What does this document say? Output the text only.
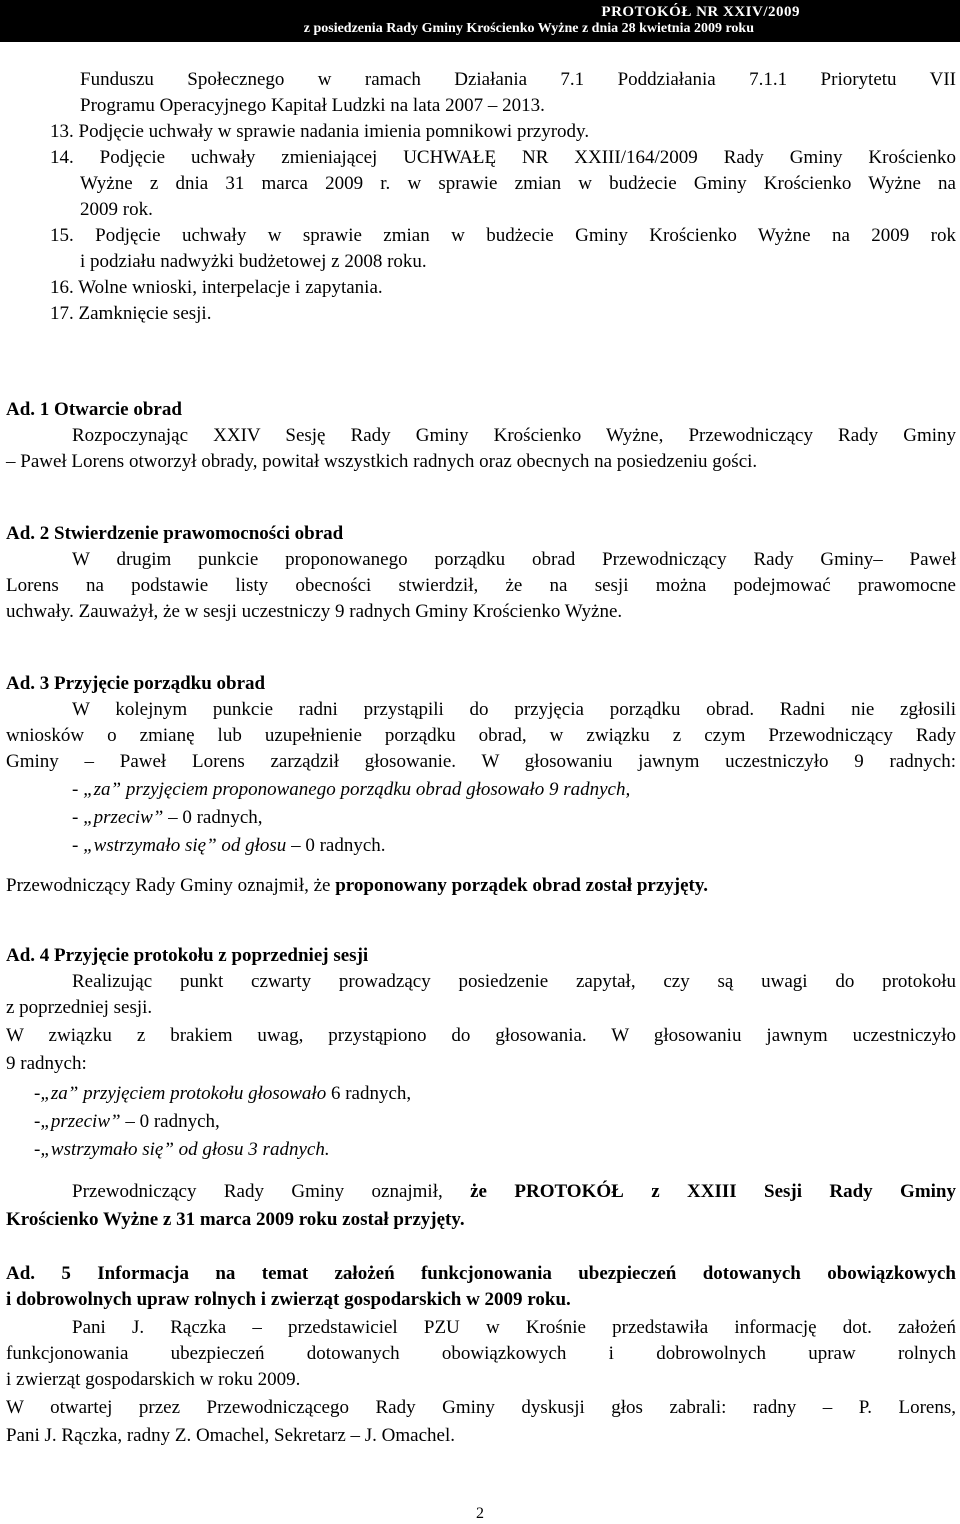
PROTOKÓŁ NR XXIV/2009
z posiedzenia Rady Gminy Krościenko Wyżne z dnia 28 kwietnia 2009 roku
Funduszu Społecznego w ramach Działania 7.1 Poddziałania 7.1.1 Priorytetu VII
Programu Operacyjnego Kapitał Ludzki na lata 2007 – 2013.
13. Podjęcie uchwały w sprawie nadania imienia pomnikowi przyrody.
14. Podjęcie uchwały zmieniającej UCHWAŁĘ NR XXIII/164/2009 Rady Gminy Krościenko
Wyżne z dnia 31 marca 2009 r. w sprawie zmian w budżecie Gminy Krościenko Wyżne na
2009 rok.
15. Podjęcie uchwały w sprawie zmian w budżecie Gminy Krościenko Wyżne na 2009 rok
i podziału nadwyżki budżetowej z 2008 roku.
16. Wolne wnioski, interpelacje i zapytania.
17. Zamknięcie sesji.
Ad. 1 Otwarcie obrad
Rozpoczynając XXIV Sesję Rady Gminy Krościenko Wyżne, Przewodniczący Rady Gminy
– Paweł Lorens otworzył obrady, powitał wszystkich radnych oraz obecnych na posiedzeniu gości.
Ad. 2 Stwierdzenie prawomocności obrad
W drugim punkcie proponowanego porządku obrad Przewodniczący Rady Gminy– Paweł
Lorens na podstawie listy obecności stwierdził, że na sesji można podejmować prawomocne
uchwały. Zauważył, że w sesji uczestniczy 9 radnych Gminy Krościenko Wyżne.
Ad. 3 Przyjęcie porządku obrad
W kolejnym punkcie radni przystąpili do przyjęcia porządku obrad. Radni nie zgłosili
wniosków o zmianę lub uzupełnienie porządku obrad, w związku z czym Przewodniczący Rady
Gminy – Paweł Lorens zarządził głosowanie. W głosowaniu jawnym uczestniczyło 9 radnych:
- „za” przyjęciem proponowanego porządku obrad głosowało 9 radnych,
- „przeciw” – 0 radnych,
- „wstrzymało się” od głosu – 0 radnych.
Przewodniczący Rady Gminy oznajmił, że proponowany porządek obrad został przyjęty.
Ad. 4 Przyjęcie protokołu z poprzedniej sesji
Realizując punkt czwarty prowadzący posiedzenie zapytał, czy są uwagi do protokołu
z poprzedniej sesji.
W związku z brakiem uwag, przystąpiono do głosowania. W głosowaniu jawnym uczestniczyło
9 radnych:
-„za” przyjęciem protokołu głosowało 6 radnych,
-„przeciw” – 0 radnych,
-„wstrzymało się” od głosu 3 radnych.
Przewodniczący Rady Gminy oznajmił, że PROTOKÓŁ z XXIII Sesji Rady Gminy
Krościenko Wyżne z 31 marca 2009 roku został przyjęty.
Ad. 5 Informacja na temat założeń funkcjonowania ubezpieczeń dotowanych obowiązkowych
i dobrowolnych upraw rolnych i zwierząt gospodarskich w 2009 roku.
Pani J. Rączka – przedstawiciel PZU w Krośnie przedstawiła informację dot. założeń
funkcjonowania ubezpieczeń dotowanych obowiązkowych i dobrowolnych upraw rolnych
i zwierząt gospodarskich w roku 2009.
W otwartej przez Przewodniczącego Rady Gminy dyskusji głos zabrali: radny – P. Lorens,
Pani J. Rączka, radny Z. Omachel, Sekretarz – J. Omachel.
2
